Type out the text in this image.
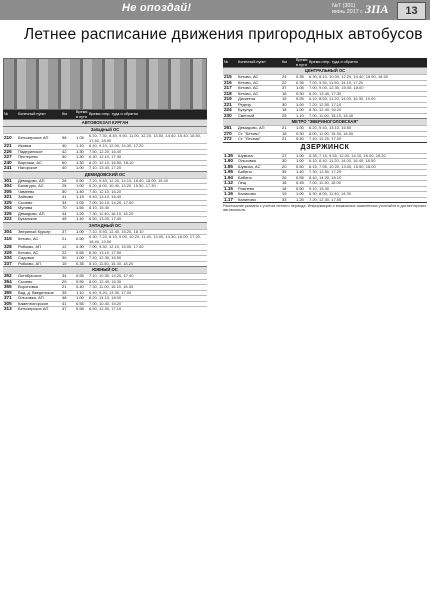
Не опоздай!	№7 (301)
июнь 2017 г. ЗПА	13
Летнее расписание движения пригородных автобусов
№	Конечный пункт	Км
Время в пути
Время отпр. туда и обратно
АВТОВОКЗАЛ КУРГАН
Западный ОС
210	Белозерское АП	58	1.05	6.10, 7.30, 8.40, 9.50, 11.00, 12.20, 13.50, 14.40, 15.40, 16.50, 17.50, 18.50
221	Иковка	40	1.10	6.40, 9.10, 12.00, 14.30, 17.20
226	Падеринское	42	1.30	7.50, 12.20, 16.40
227	Пестерево	50	1.30	6.30, 12.10, 17.30
240	Варгаши, АС	60	1.30	8.20, 12.10, 16.50, 18.10
241	Нагорское	40	1.00	7.10, 13.40, 17.20
ДЕМИДОВСКИЙ ОС
301	Демидово, АП	28	0.50	7.20, 9.40, 12.20, 14.10, 16.40, 18.00, 19.40
304	Балагуры, АС	25	1.00	6.20, 8.00, 10.40, 13.20, 15.50, 17.30
305	Чимеево	50	1.40	7.40, 12.10, 16.20
321	Зайково	41	1.15	9.40, 13.10, 16.40
325	Сычево	34	1.05	7.00, 10.10, 14.20, 17.50
304	Мулява	70	1.55	8.10, 15.40
326	Демидово, АП	44	1.20	7.30, 11.40, 16.10, 18.20
322	Бузанское	45	1.40	6.50, 13.00, 17.40
ЗАПАДНЫЙ ОС
304	Звериный Курьер	37	1.00	7.10, 9.50, 12.40, 15.20, 18.10
315	Кетово, АС	21	0.50	6.30, 7.20, 8.10, 9.00, 10.20, 11.40, 13.00, 14.30, 16.00, 17.20, 18.40, 19.50
328	Рябково, АП	12	0.30	7.00, 9.30, 12.10, 15.00, 17.40
329	Кетово, АС	22	0.55	8.30, 13.10, 17.50
334	Садовое	30	1.00	7.40, 12.30, 16.50
337	Рябково, АП	15	0.35	8.10, 11.50, 15.30, 18.20
ЮЖНЫЙ ОС
352	Октябрьское	34	0.55	7.10, 10.30, 14.20, 17.40
354	Сычево	29	0.55	8.00, 12.40, 16.30
355	Вороновка	21	0.40	7.30, 11.00, 15.10, 18.30
365	Вад. д. Введенское	35	1.10	6.40, 9.20, 13.30, 17.00
371	Ольховка, АП	48	1.00	8.20, 14.10, 18.00
305	Каменногорское	41	0.55	7.00, 10.40, 15.20
313	Белозерское АП	47	0.58	6.50, 12.30, 17.10
№	Конечный пункт	Км
Время в пути
Время отпр. туда и обратно
ЦЕНТРАЛЬНЫЙ ОС
215	Кетово, АС	24	0.35	6.30, 8.10, 10.00, 12.20, 14.40, 16.50, 18.30
216	Кетово, АС	22	0.35	7.00, 9.30, 11.50, 14.10, 17.20
217	Кетово, АС	37	1.05	7.00, 9.00, 12.30, 15.00, 18.00
218	Кетово, АС	18	0.30	8.20, 13.40, 17.30
219	Дискетна	15	0.25	6.10, 8.50, 11.20, 14.00, 16.30, 19.00
221	Редгир	30	1.00	7.20, 12.50, 17.10
224	Бузулук	18	1.00	8.30, 12.40, 16.20
230	Светлый	25	1.10	7.00, 11.00, 15.10, 18.40
МЕТРО "ЗВЕРИНОГОЛОВСКАЯ"
261	Демидово, АП	21	1.00	6.20, 9.40, 13.10, 16.50
270	Ст. "Кетово"	18	0.30	8.00, 11.00, 15.30, 18.00
272	Ст. "Лесная"	21	0.40	7.40, 12.20, 17.00
ДЗЕРЖИНСК
1.35	Шумиха	27	1.00	5.35, 7.15, 9.55, 12.00, 14.10, 16.00, 18.20
1.60	Ольховка	30	1.00	6.10, 8.40, 11.20, 14.00, 16.40, 18.50
1.85	Шумиха, АС	20	0.50	6.15, 7.55, 10.20, 13.00, 15.50, 18.00
1.95	Бабино	35	1.40	7.30, 12.50, 17.20
1.94	Бабино	26	0.55	8.40, 14.20, 18.10
1.12	Лещ	18	0.45	7.00, 11.30, 16.00
1.15	Рожнево	18	0.50	9.10, 15.40
1.16	Калиново	19	1.00	6.30, 8.00, 11.40, 14.30
1.17	Калиново	33	1.25	7.20, 12.30, 17.50
Расписание указано с учетом летнего периода. Информацию о возможных изменениях уточняйте в диспетчерских автовокзала.
